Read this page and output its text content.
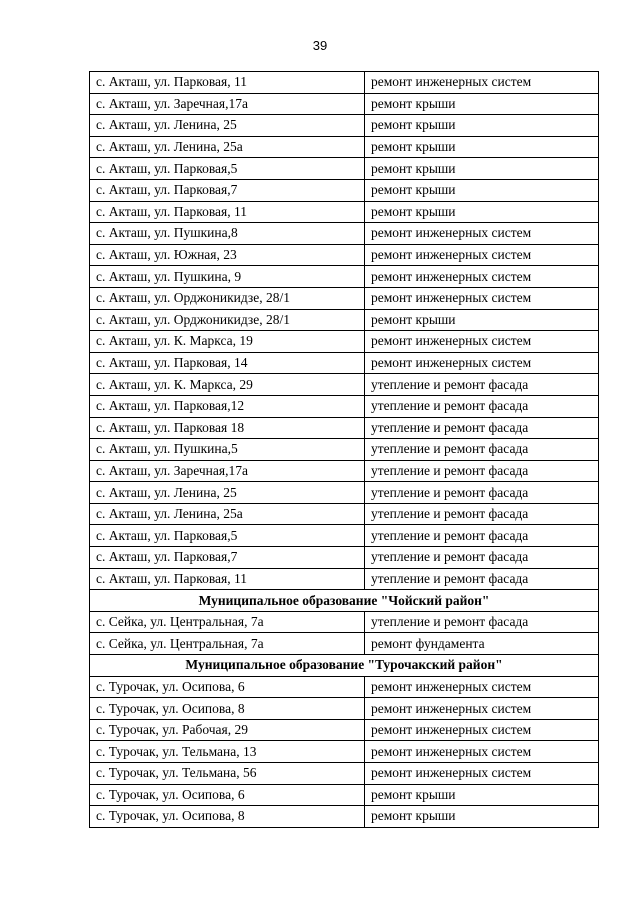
39
с. Акташ, ул. Парковая, 11	ремонт инженерных систем
с. Акташ, ул. Заречная,17а	ремонт крыши
с. Акташ, ул. Ленина, 25	ремонт крыши
с. Акташ, ул. Ленина, 25а	ремонт крыши
с. Акташ, ул. Парковая,5	ремонт крыши
с. Акташ, ул. Парковая,7	ремонт крыши
с. Акташ, ул. Парковая, 11	ремонт крыши
с. Акташ, ул. Пушкина,8	ремонт инженерных систем
с. Акташ, ул. Южная, 23	ремонт инженерных систем
с. Акташ, ул. Пушкина, 9	ремонт инженерных систем
с. Акташ, ул. Орджоникидзе, 28/1	ремонт инженерных систем
с. Акташ, ул. Орджоникидзе, 28/1	ремонт крыши
с. Акташ, ул. К. Маркса, 19	ремонт инженерных систем
с. Акташ, ул. Парковая, 14	ремонт инженерных систем
с. Акташ, ул. К. Маркса, 29	утепление и ремонт фасада
с. Акташ, ул. Парковая,12	утепление и ремонт фасада
с. Акташ, ул. Парковая 18	утепление и ремонт фасада
с. Акташ, ул. Пушкина,5	утепление и ремонт фасада
с. Акташ, ул. Заречная,17а	утепление и ремонт фасада
с. Акташ, ул. Ленина, 25	утепление и ремонт фасада
с. Акташ, ул. Ленина, 25а	утепление и ремонт фасада
с. Акташ, ул. Парковая,5	утепление и ремонт фасада
с. Акташ, ул. Парковая,7	утепление и ремонт фасада
с. Акташ, ул. Парковая, 11	утепление и ремонт фасада
Муниципальное образование "Чойский район"	
с. Сейка, ул. Центральная, 7а	утепление и ремонт фасада
с. Сейка, ул. Центральная, 7а	ремонт фундамента
Муниципальное образование "Турочакский район"	
с. Турочак, ул. Осипова, 6	ремонт инженерных систем
с. Турочак, ул. Осипова, 8	ремонт инженерных систем
с. Турочак, ул. Рабочая, 29	ремонт инженерных систем
с. Турочак, ул. Тельмана, 13	ремонт инженерных систем
с. Турочак, ул. Тельмана, 56	ремонт инженерных систем
с. Турочак, ул. Осипова, 6	ремонт крыши
с. Турочак, ул. Осипова, 8	ремонт крыши
